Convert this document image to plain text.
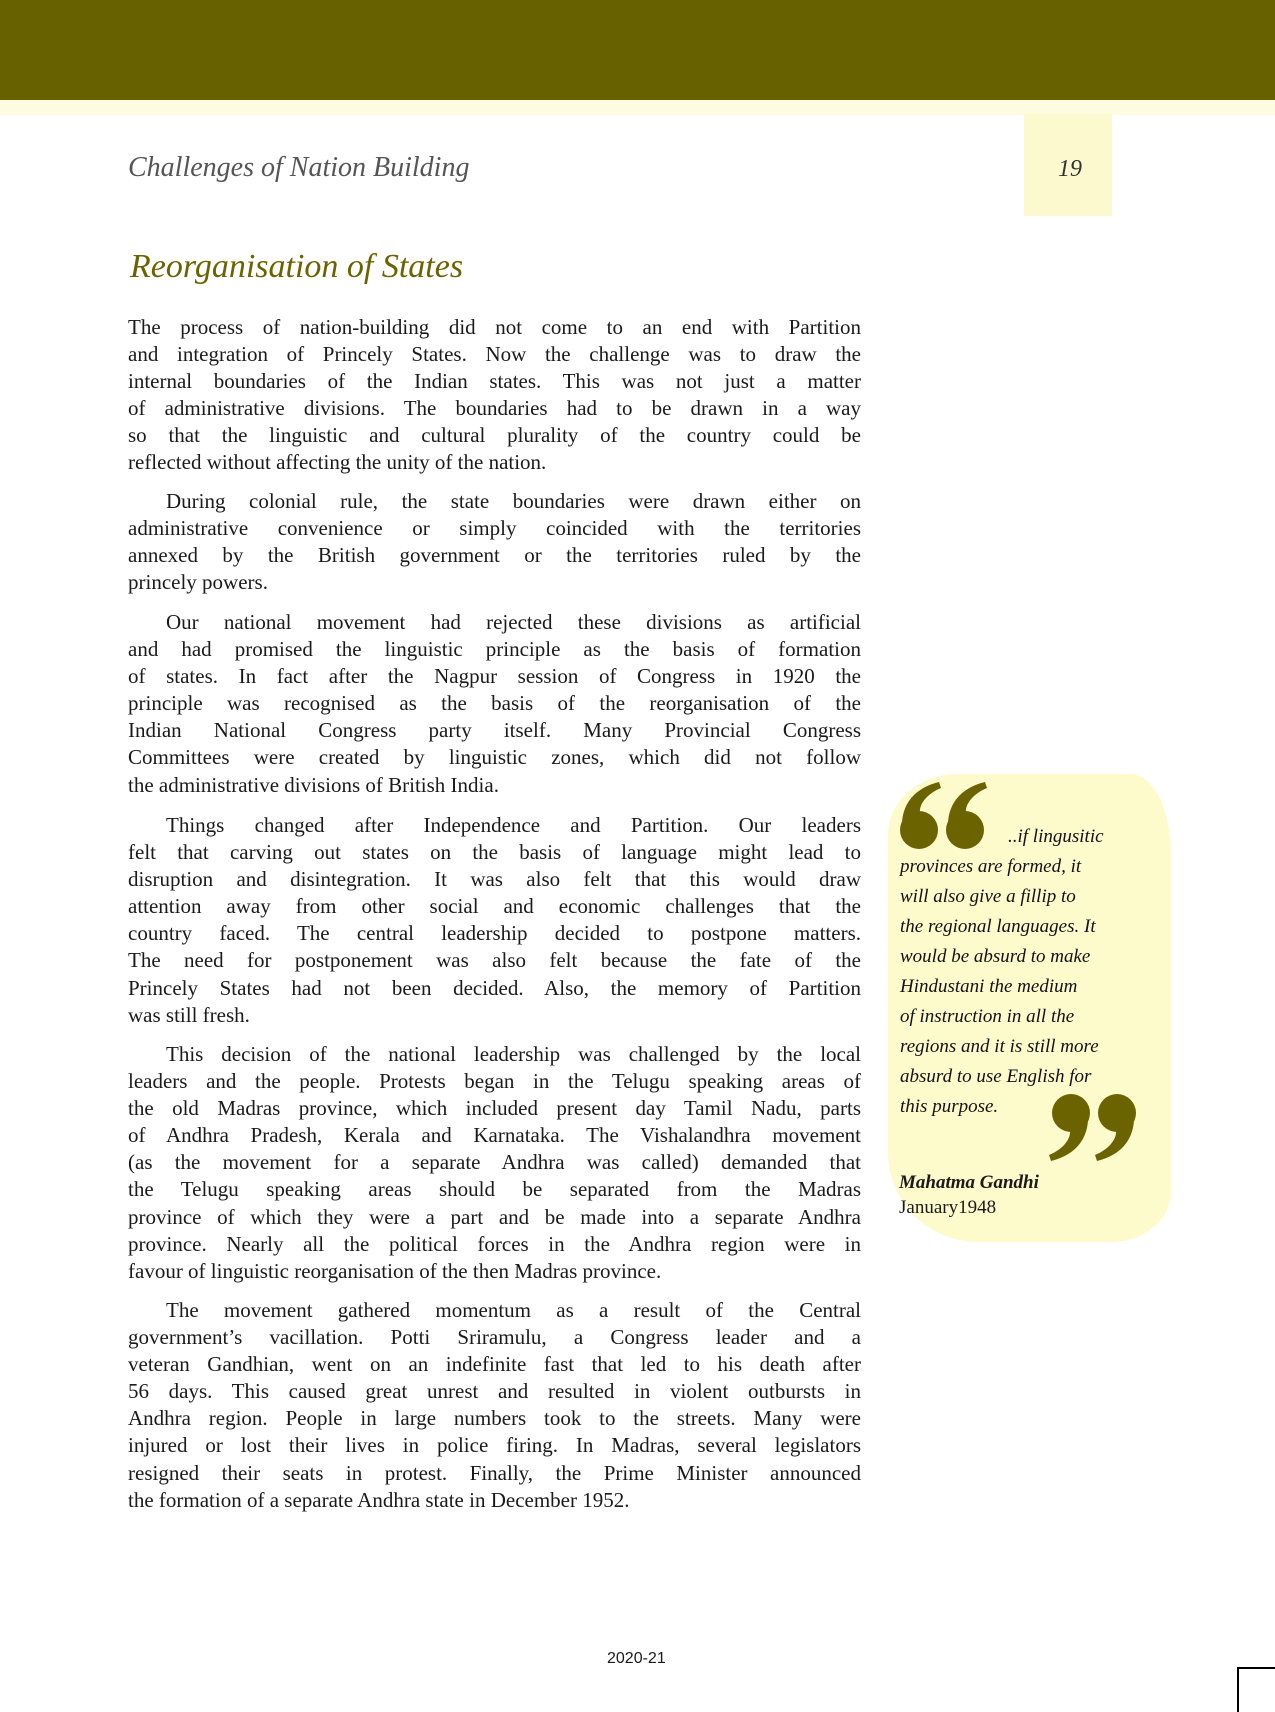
19
Challenges of Nation Building
Reorganisation of States
The process of nation-building did not come to an end with Partition
and integration of Princely States. Now the challenge was to draw the
internal boundaries of the Indian states. This was not just a matter
of administrative divisions. The boundaries had to be drawn in a way
so that the linguistic and cultural plurality of the country could be
reflected without affecting the unity of the nation.
During colonial rule, the state boundaries were drawn either on
administrative convenience or simply coincided with the territories
annexed by the British government or the territories ruled by the
princely powers.
Our national movement had rejected these divisions as artificial
and had promised the linguistic principle as the basis of formation
of states. In fact after the Nagpur session of Congress in 1920 the
principle was recognised as the basis of the reorganisation of the
Indian National Congress party itself. Many Provincial Congress
Committees were created by linguistic zones, which did not follow
the administrative divisions of British India.
Things changed after Independence and Partition. Our leaders
felt that carving out states on the basis of language might lead to
disruption and disintegration. It was also felt that this would draw
attention away from other social and economic challenges that the
country faced. The central leadership decided to postpone matters.
The need for postponement was also felt because the fate of the
Princely States had not been decided. Also, the memory of Partition
was still fresh.
This decision of the national leadership was challenged by the local
leaders and the people. Protests began in the Telugu speaking areas of
the old Madras province, which included present day Tamil Nadu, parts
of Andhra Pradesh, Kerala and Karnataka. The Vishalandhra movement
(as the movement for a separate Andhra was called) demanded that
the Telugu speaking areas should be separated from the Madras
province of which they were a part and be made into a separate Andhra
province. Nearly all the political forces in the Andhra region were in
favour of linguistic reorganisation of the then Madras province.
The movement gathered momentum as a result of the Central
government’s vacillation. Potti Sriramulu, a Congress leader and a
veteran Gandhian, went on an indefinite fast that led to his death after
56 days. This caused great unrest and resulted in violent outbursts in
Andhra region. People in large numbers took to the streets. Many were
injured or lost their lives in police firing. In Madras, several legislators
resigned their seats in protest. Finally, the Prime Minister announced
the formation of a separate Andhra state in December 1952.
..if lingusitic
provinces are formed, it
will also give a fillip to
the regional languages. It
would be absurd to make
Hindustani the medium
of instruction in all the
regions and it is still more
absurd to use English for
this purpose.
Mahatma Gandhi
January1948
2020-21
